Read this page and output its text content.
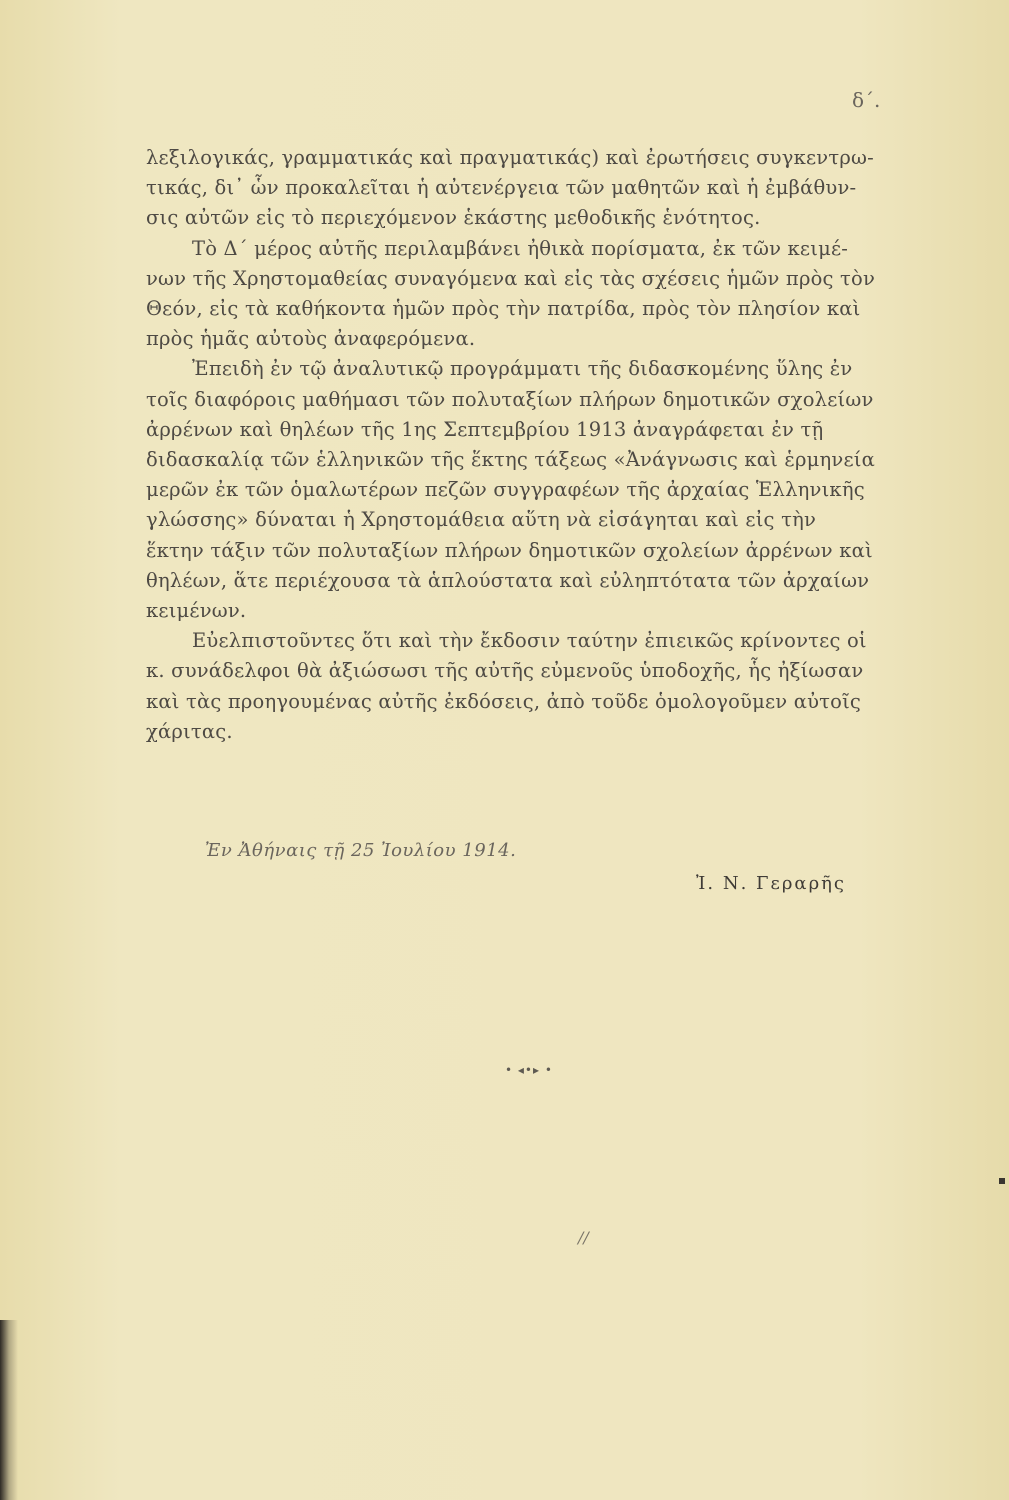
δ΄.
λεξιλογικάς, γραμματικάς καὶ πραγματικάς) καὶ ἐρωτήσεις συγκεντρω-
τικάς, δι᾽ ὧν προκαλεῖται ἡ αὐτενέργεια τῶν μαθητῶν καὶ ἡ ἐμβάθυν-
σις αὐτῶν εἰς τὸ περιεχόμενον ἑκάστης μεθοδικῆς ἑνότητος.
Τὸ Δ΄ μέρος αὐτῆς περιλαμβάνει ἠθικὰ πορίσματα, ἐκ τῶν κειμέ-
νων τῆς Χρηστομαθείας συναγόμενα καὶ εἰς τὰς σχέσεις ἡμῶν πρὸς τὸν
Θεόν, εἰς τὰ καθήκοντα ἡμῶν πρὸς τὴν πατρίδα, πρὸς τὸν πλησίον καὶ
πρὸς ἡμᾶς αὐτοὺς ἀναφερόμενα.
Ἐπειδὴ ἐν τῷ ἀναλυτικῷ προγράμματι τῆς διδασκομένης ὕλης ἐν
τοῖς διαφόροις μαθήμασι τῶν πολυταξίων πλήρων δημοτικῶν σχολείων
ἀρρένων καὶ θηλέων τῆς 1ης Σεπτεμβρίου 1913 ἀναγράφεται ἐν τῇ
διδασκαλίᾳ τῶν ἑλληνικῶν τῆς ἕκτης τάξεως «Ἀνάγνωσις καὶ ἑρμηνεία
μερῶν ἐκ τῶν ὁμαλωτέρων πεζῶν συγγραφέων τῆς ἀρχαίας Ἑλληνικῆς
γλώσσης» δύναται ἡ Χρηστομάθεια αὕτη νὰ εἰσάγηται καὶ εἰς τὴν
ἕκτην τάξιν τῶν πολυταξίων πλήρων δημοτικῶν σχολείων ἀρρένων καὶ
θηλέων, ἅτε περιέχουσα τὰ ἁπλούστατα καὶ εὐληπτότατα τῶν ἀρχαίων
κειμένων.
Εὐελπιστοῦντες ὅτι καὶ τὴν ἔκδοσιν ταύτην ἐπιεικῶς κρίνοντες οἱ
κ. συνάδελφοι θὰ ἀξιώσωσι τῆς αὐτῆς εὐμενοῦς ὑποδοχῆς, ἧς ἠξίωσαν
καὶ τὰς προηγουμένας αὐτῆς ἐκδόσεις, ἀπὸ τοῦδε ὁμολογοῦμεν αὐτοῖς
χάριτας.
Ἐν Ἀθήναις τῇ 25 Ἰουλίου 1914.
Ἰ. Ν. Γεραρῆς
• ◂•▸ •
//
